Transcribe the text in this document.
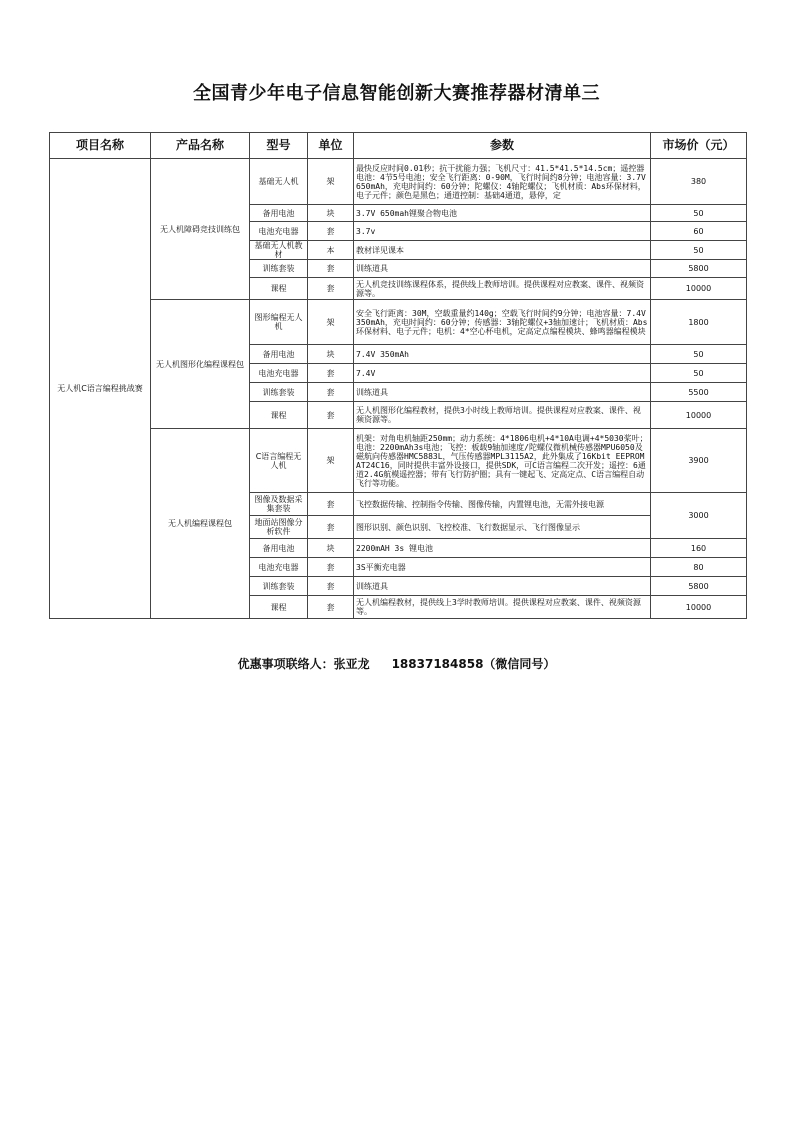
全国青少年电子信息智能创新大赛推荐器材清单三
项目名称	产品名称	型号	单位	参数	市场价（元）
无人机C语言编程挑战赛	无人机障碍竞技训练包	基础无人机	架	最快反应时间0.01秒；抗干扰能力强；飞机尺寸：41.5*41.5*14.5cm；遥控器电池：4节5号电池；安全飞行距离：0-90M，飞行时间约8分钟；电池容量：3.7V 650mAh，充电时间约：60分钟；陀螺仪：4轴陀螺仪；飞机材质：Abs环保材料，电子元件；颜色是黑色；通道控制：基础4通道，悬停，定	380
		备用电池	块	3.7V 650mah锂聚合物电池	50
		电池充电器	套	3.7v	60
		基础无人机教材	本	教材详见课本	50
		训练套装	套	训练道具	5800
		课程	套	无人机竞技训练课程体系，提供线上教师培训。提供课程对应教案、课件、视频资源等。	10000
	无人机图形化编程课程包	图形编程无人机	架	安全飞行距离：30M，空载重量约140g；空载飞行时间约9分钟；电池容量：7.4V 350mAh，充电时间约：60分钟；传感器：3轴陀螺仪+3轴加速计；飞机材质：Abs环保材料、电子元件；电机：4*空心杯电机，定高定点编程模块、蜂鸣器编程模块	1800
		备用电池	块	7.4V 350mAh	50
		电池充电器	套	7.4V	50
		训练套装	套	训练道具	5500
		课程	套	无人机图形化编程教材，提供3小时线上教师培训。提供课程对应教案、课件、视频资源等。	10000
	无人机编程课程包	C语言编程无人机	架	机架：对角电机轴距250mm；动力系统：4*1806电机+4*10A电调+4*5030桨叶；电池：2200mAh3s电池；飞控：板载9轴加速度/陀螺仪微机械传感器MPU6050及磁航向传感器HMC5883L，气压传感器MPL3115A2，此外集成了16Kbit EEPROM AT24C16，同时提供丰富外设接口，提供SDK，可C语言编程二次开发；遥控：6通道2.4G航模遥控器；带有飞行防护圈；具有一键起飞、定高定点、C语言编程自动飞行等功能。	3900
		图像及数据采集套装	套	飞控数据传输、控制指令传输、图像传输，内置锂电池，无需外接电源	3000
		地面站图像分析软件	套	图形识别、颜色识别、飞控校准、飞行数据显示、飞行图像显示	
		备用电池	块	2200mAH 3s 锂电池	160
		电池充电器	套	3S平衡充电器	80
		训练套装	套	训练道具	5800
		课程	套	无人机编程教材，提供线上3学时教师培训。提供课程对应教案、课件、视频资源等。	10000
优惠事项联络人：张亚龙 18837184858（微信同号）
